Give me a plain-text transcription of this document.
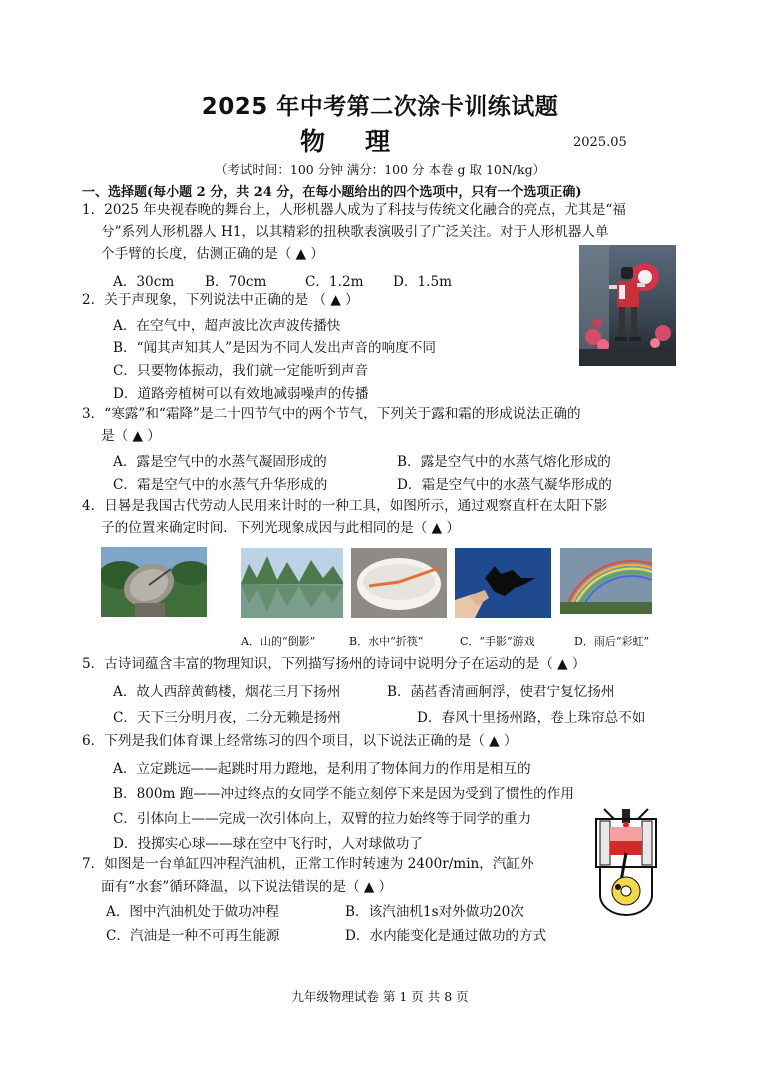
2025 年中考第二次涂卡训练试题
物理	2025.05
（考试时间：100 分钟 满分：100 分 本卷 g 取 10N/kg）
一、选择题(每小题 2 分，共 24 分，在每小题给出的四个选项中，只有一个选项正确)
1．2025 年央视春晚的舞台上，人形机器人成为了科技与传统文化融合的亮点，尤其是“福
兮”系列人形机器人 H1，以其精彩的扭秧歌表演吸引了广泛关注。对于人形机器人单
个手臂的长度，估测正确的是（ ▲ ）
A．30cm B．70cm	C．1.2m D．1.5m
2．关于声现象，下列说法中正确的是 （ ▲ ）
A．在空气中，超声波比次声波传播快
B．“闻其声知其人”是因为不同人发出声音的响度不同
C．只要物体振动，我们就一定能听到声音
D．道路旁植树可以有效地减弱噪声的传播
3．“寒露”和“霜降”是二十四节气中的两个节气，下列关于露和霜的形成说法正确的
是（ ▲ ）
A．露是空气中的水蒸气凝固形成的	B．露是空气中的水蒸气熔化形成的
C．霜是空气中的水蒸气升华形成的	D．霜是空气中的水蒸气凝华形成的
4．日晷是我国古代劳动人民用来计时的一种工具，如图所示，通过观察直杆在太阳下影
子的位置来确定时间．下列光现象成因与此相同的是（ ▲ ）
A．山的“倒影”	B．水中“折筷”	C．“手影”游戏	D．雨后“彩虹”
5．古诗词蕴含丰富的物理知识，下列描写扬州的诗词中说明分子在运动的是（ ▲ ）
A．故人西辞黄鹤楼，烟花三月下扬州	B．菡萏香清画舸浮，使君宁复忆扬州
C．天下三分明月夜，二分无赖是扬州	D．春风十里扬州路，卷上珠帘总不如
6．下列是我们体育课上经常练习的四个项目，以下说法正确的是（ ▲ ）
A．立定跳远——起跳时用力蹬地，是利用了物体间力的作用是相互的
B．800m 跑——冲过终点的女同学不能立刻停下来是因为受到了惯性的作用
C．引体向上——完成一次引体向上，双臂的拉力始终等于同学的重力
D．投掷实心球——球在空中飞行时，人对球做功了
7．如图是一台单缸四冲程汽油机，正常工作时转速为 2400r/min，汽缸外
面有“水套”循环降温，以下说法错误的是（ ▲ ）
A．图中汽油机处于做功冲程	B．该汽油机1s对外做功20次
C．汽油是一种不可再生能源	D．水内能变化是通过做功的方式
九年级物理试卷 第 1 页 共 8 页
